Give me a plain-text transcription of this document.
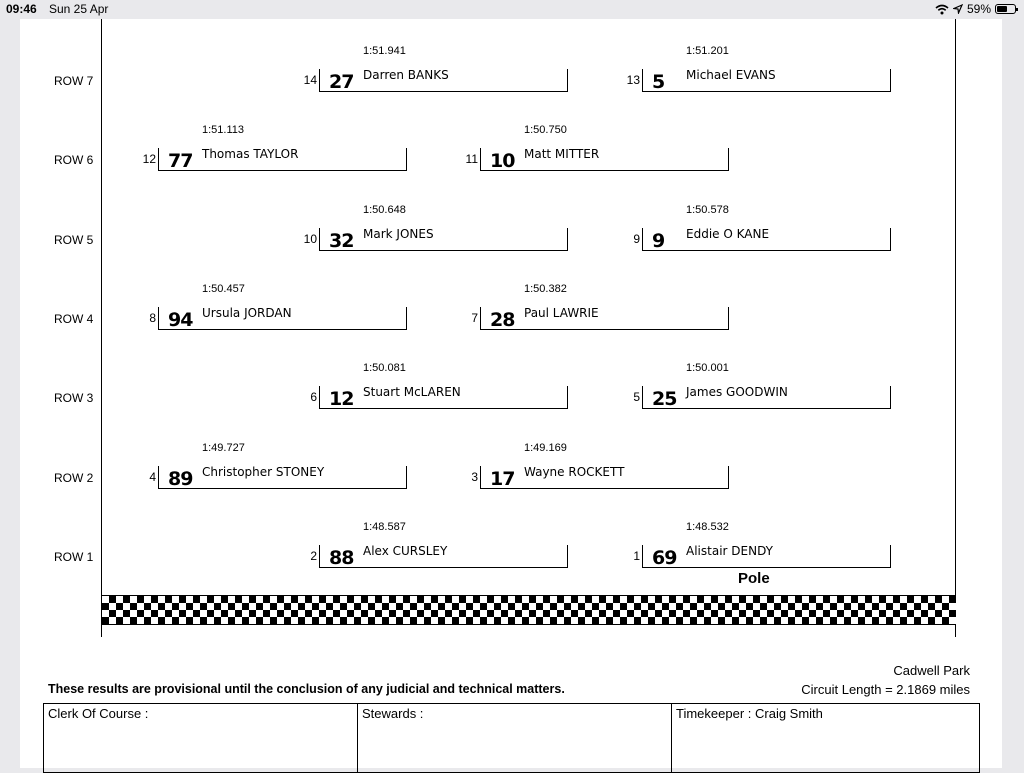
09:46 Sun 25 Apr	59%
ROW 7
1:51.941
14 27 Darren BANKS
1:51.201
13 5 Michael EVANS
ROW 6
1:51.113
12 77 Thomas TAYLOR
1:50.750
11 10 Matt MITTER
ROW 5
1:50.648
10 32 Mark JONES
1:50.578
9 9 Eddie O KANE
ROW 4
1:50.457
8 94 Ursula JORDAN
1:50.382
7 28 Paul LAWRIE
ROW 3
1:50.081
6 12 Stuart McLAREN
1:50.001
5 25 James GOODWIN
ROW 2
1:49.727
4 89 Christopher STONEY
1:49.169
3 17 Wayne ROCKETT
ROW 1
1:48.587
2 88 Alex CURSLEY
1:48.532
1 69 Alistair DENDY
Pole
Cadwell Park
Circuit Length = 2.1869 miles
These results are provisional until the conclusion of any judicial and technical matters.
Clerk Of Course :	Stewards :	Timekeeper : Craig Smith
